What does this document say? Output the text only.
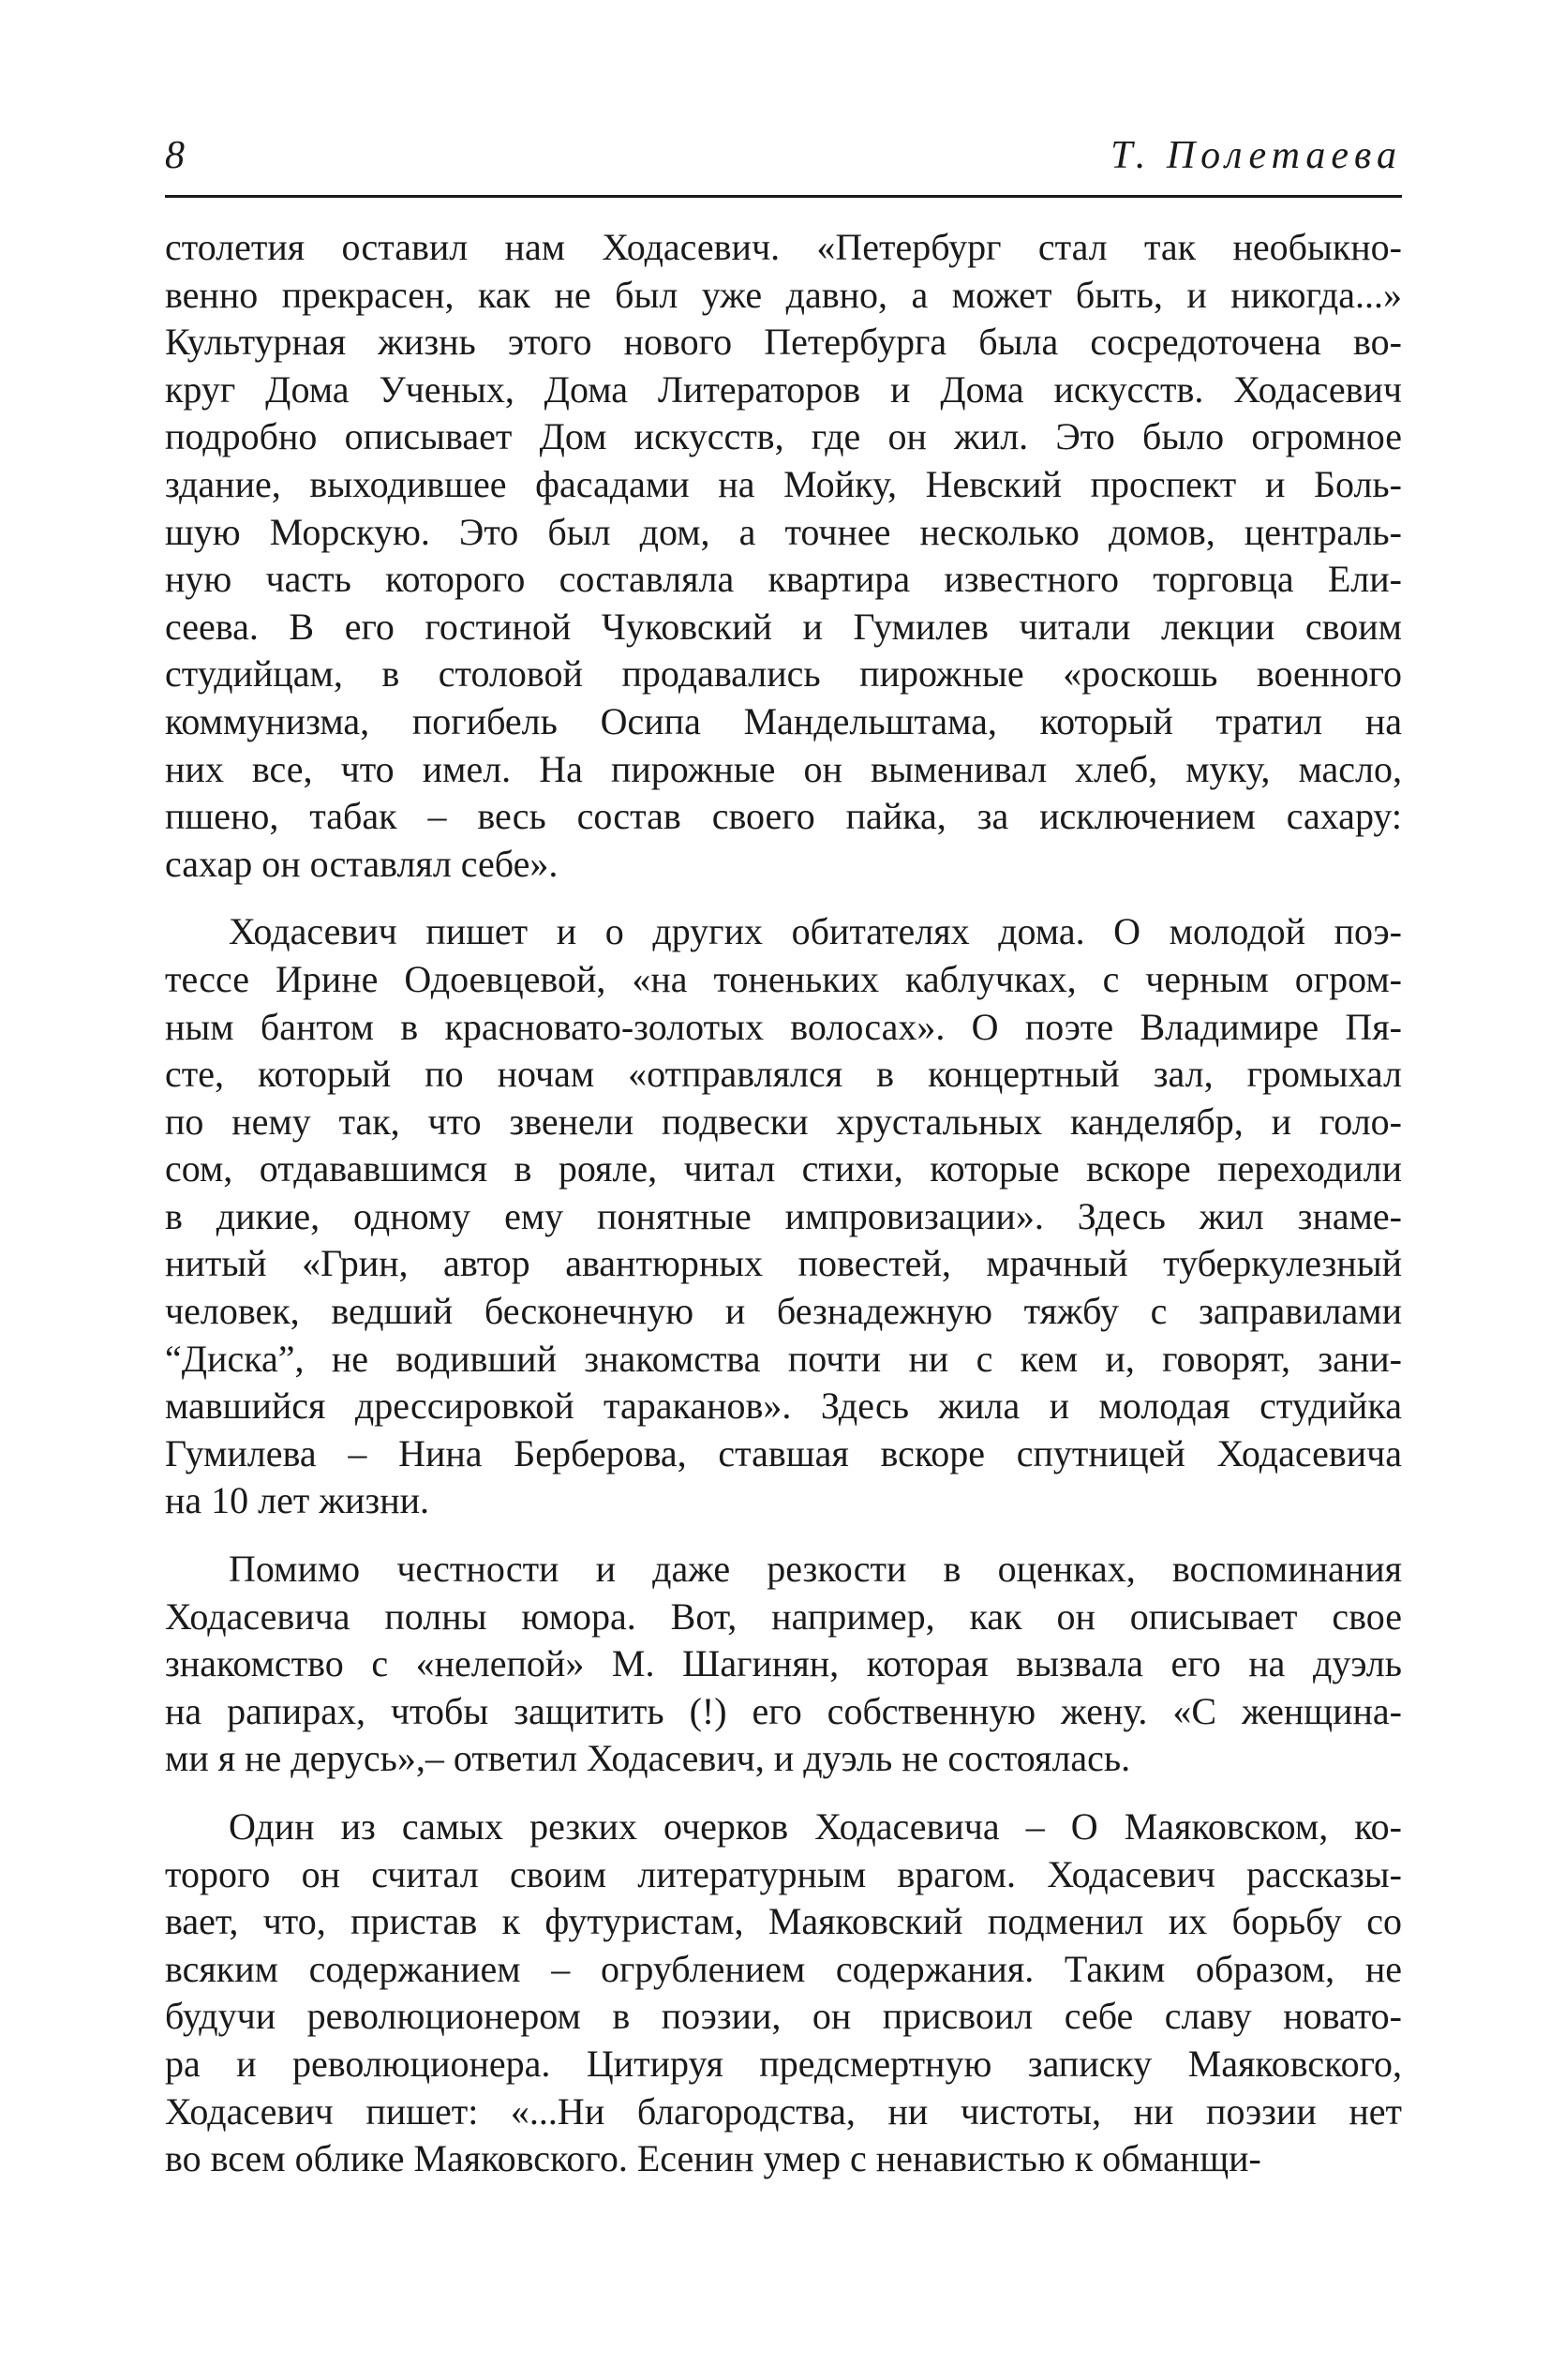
8	Т. Полетаева

столетия оставил нам Ходасевич. «Петербург стал так необыкно-
венно прекрасен, как не был уже давно, а может быть, и никогда...»
Культурная жизнь этого нового Петербурга была сосредоточена во-
круг Дома Ученых, Дома Литераторов и Дома искусств. Ходасевич
подробно описывает Дом искусств, где он жил. Это было огромное
здание, выходившее фасадами на Мойку, Невский проспект и Боль-
шую Морскую. Это был дом, а точнее несколько домов, централь-
ную часть которого составляла квартира известного торговца Ели-
сеева. В его гостиной Чуковский и Гумилев читали лекции своим
студийцам, в столовой продавались пирожные «роскошь военного
коммунизма, погибель Осипа Мандельштама, который тратил на
них все, что имел. На пирожные он выменивал хлеб, муку, масло,
пшено, табак – весь состав своего пайка, за исключением сахару:
сахар он оставлял себе».

Ходасевич пишет и о других обитателях дома. О молодой поэ-
тессе Ирине Одоевцевой, «на тоненьких каблучках, с черным огром-
ным бантом в красновато-золотых волосах». О поэте Владимире Пя-
сте, который по ночам «отправлялся в концертный зал, громыхал
по нему так, что звенели подвески хрустальных канделябр, и голо-
сом, отдававшимся в рояле, читал стихи, которые вскоре переходили
в дикие, одному ему понятные импровизации». Здесь жил знаме-
нитый «Грин, автор авантюрных повестей, мрачный туберкулезный
человек, ведший бесконечную и безнадежную тяжбу с заправилами
“Диска”, не водивший знакомства почти ни с кем и, говорят, зани-
мавшийся дрессировкой тараканов». Здесь жила и молодая студийка
Гумилева – Нина Берберова, ставшая вскоре спутницей Ходасевича
на 10 лет жизни.

Помимо честности и даже резкости в оценках, воспоминания
Ходасевича полны юмора. Вот, например, как он описывает свое
знакомство с «нелепой» М. Шагинян, которая вызвала его на дуэль
на рапирах, чтобы защитить (!) его собственную жену. «С женщина-
ми я не дерусь»,– ответил Ходасевич, и дуэль не состоялась.

Один из самых резких очерков Ходасевича – О Маяковском, ко-
торого он считал своим литературным врагом. Ходасевич рассказы-
вает, что, пристав к футуристам, Маяковский подменил их борьбу со
всяким содержанием – огрублением содержания. Таким образом, не
будучи революционером в поэзии, он присвоил себе славу новато-
ра и революционера. Цитируя предсмертную записку Маяковского,
Ходасевич пишет: «...Ни благородства, ни чистоты, ни поэзии нет
во всем облике Маяковского. Есенин умер с ненавистью к обманщи-
